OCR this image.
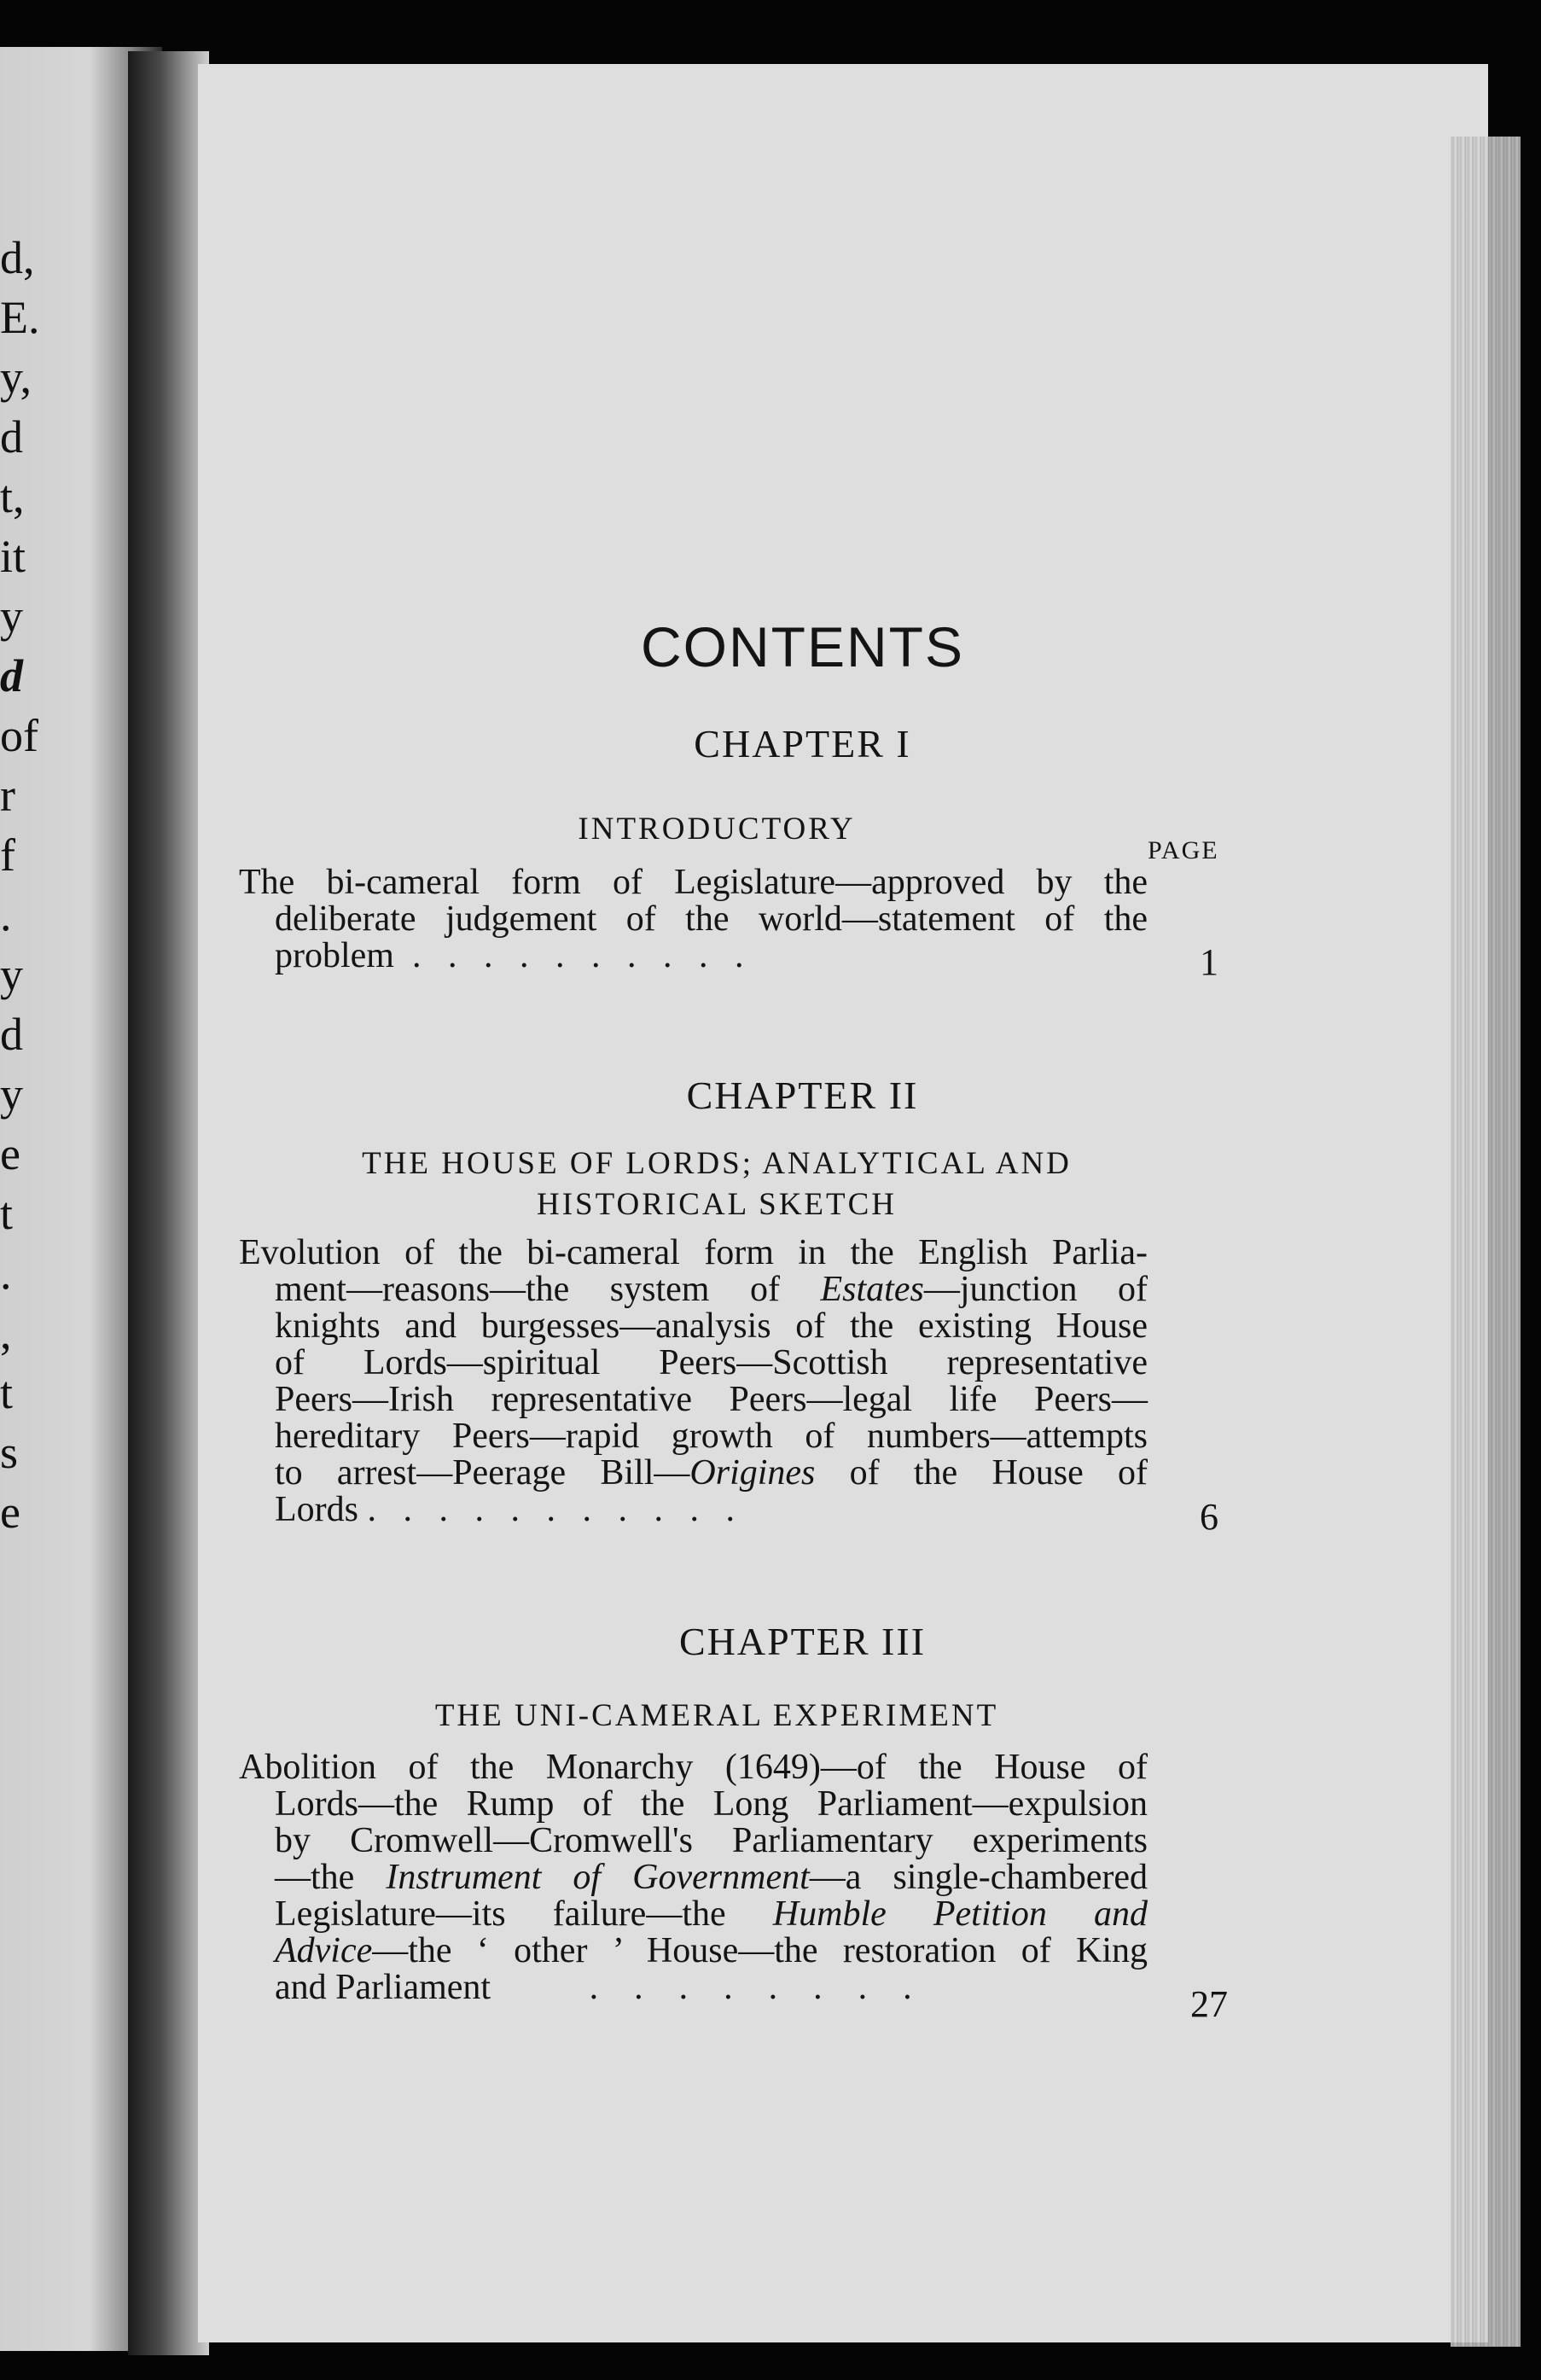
d,
E.
y,
d
t,
it
y
d
of
r
f
.
y
d
y
e
t
.
,
t
s
e
CONTENTS
PAGE
CHAPTER I
INTRODUCTORY
The bi-cameral form of Legislature—approved by the
deliberate judgement of the world—statement of the
problem  .   .   .   .   .   .   .   .   .   .	1
CHAPTER II
THE HOUSE OF LORDS; ANALYTICAL AND
HISTORICAL SKETCH
Evolution of the bi-cameral form in the English Parlia-
ment—reasons—the system of Estates—junction of
knights and burgesses—analysis of the existing House
of Lords—spiritual Peers—Scottish representative
Peers—Irish representative Peers—legal life Peers—
hereditary Peers—rapid growth of numbers—attempts
to arrest—Peerage Bill—Origines of the House of
Lords .   .   .   .   .   .   .   .   .   .   .	6
CHAPTER III
THE UNI-CAMERAL EXPERIMENT
Abolition of the Monarchy (1649)—of the House of
Lords—the Rump of the Long Parliament—expulsion
by Cromwell—Cromwell's Parliamentary experiments
—the Instrument of Government—a single-chambered
Legislature—its failure—the Humble Petition and
Advice—the ‘ other ’ House—the restoration of King
and Parliament           .    .    .    .    .    .    .    .	27
